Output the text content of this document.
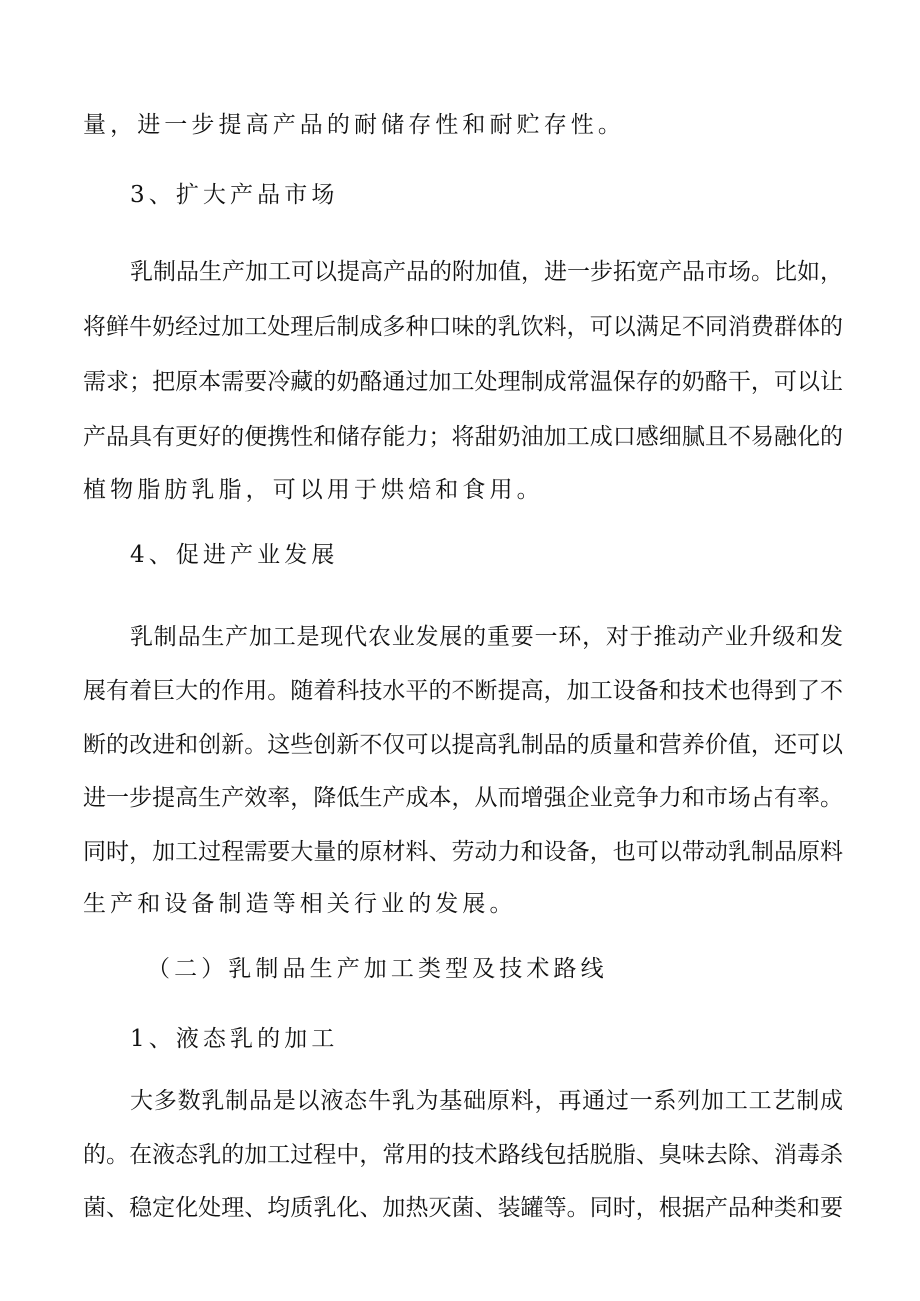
量，进一步提高产品的耐储存性和耐贮存性。
3、扩大产品市场
乳制品生产加工可以提高产品的附加值，进一步拓宽产品市场。比如，
将鲜牛奶经过加工处理后制成多种口味的乳饮料，可以满足不同消费群体的
需求；把原本需要冷藏的奶酪通过加工处理制成常温保存的奶酪干，可以让
产品具有更好的便携性和储存能力；将甜奶油加工成口感细腻且不易融化的
植物脂肪乳脂，可以用于烘焙和食用。
4、促进产业发展
乳制品生产加工是现代农业发展的重要一环，对于推动产业升级和发
展有着巨大的作用。随着科技水平的不断提高，加工设备和技术也得到了不
断的改进和创新。这些创新不仅可以提高乳制品的质量和营养价值，还可以
进一步提高生产效率，降低生产成本，从而增强企业竞争力和市场占有率。
同时，加工过程需要大量的原材料、劳动力和设备，也可以带动乳制品原料
生产和设备制造等相关行业的发展。
（二）乳制品生产加工类型及技术路线
1、液态乳的加工
大多数乳制品是以液态牛乳为基础原料，再通过一系列加工工艺制成
的。在液态乳的加工过程中，常用的技术路线包括脱脂、臭味去除、消毒杀
菌、稳定化处理、均质乳化、加热灭菌、装罐等。同时，根据产品种类和要
